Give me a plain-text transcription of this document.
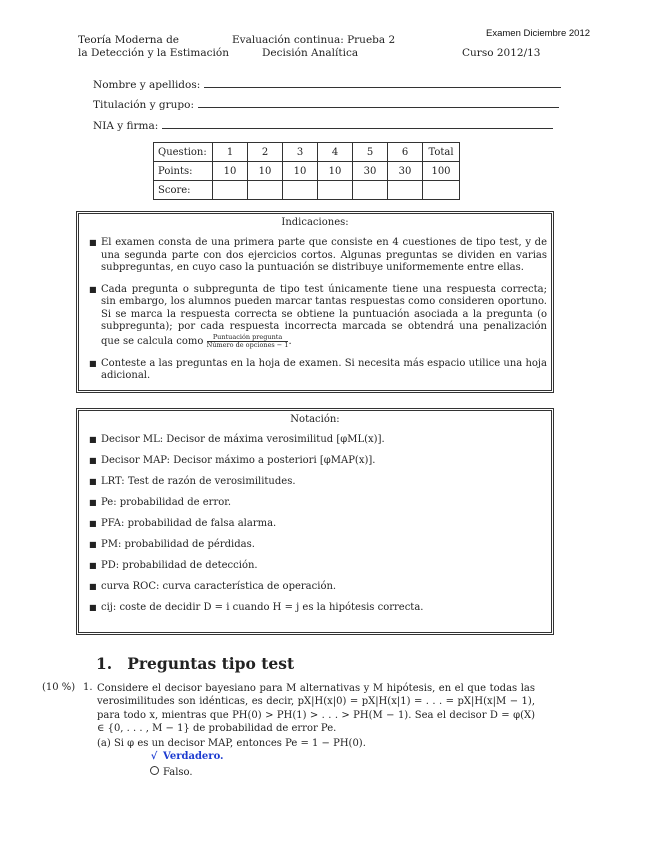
Examen Diciembre 2012
Teoría Moderna de
la Detección y la Estimación
Evaluación continua: Prueba 2
Decisión Analítica	Curso 2012/13
Nombre y apellidos:
Titulación y grupo:
NIA y firma:
Question:	1	2	3	4	5	6	Total
Points:	10	10	10	10	30	30	100
Score:							
Indicaciones:
■ El examen consta de una primera parte que consiste en 4 cuestiones de tipo test, y de una segunda parte con dos ejercicios cortos. Algunas preguntas se dividen en varias subpreguntas, en cuyo caso la puntuación se distribuye uniformemente entre ellas.
■ Cada pregunta o subpregunta de tipo test únicamente tiene una respuesta correcta; sin embargo, los alumnos pueden marcar tantas respuestas como consideren oportuno. Si se marca la respuesta correcta se obtiene la puntuación asociada a la pregunta (o subpregunta); por cada respuesta incorrecta marcada se obtendrá una penalización que se calcula como $\frac{\text{Puntuación pregunta}}{\text{Número de opciones − 1}}$ .
■ Conteste a las preguntas en la hoja de examen. Si necesita más espacio utilice una hoja adicional.
Notación:
■ Decisor ML: Decisor de máxima verosimilitud [φML(x)].
■ Decisor MAP: Decisor máximo a posteriori [φMAP(x)].
■ LRT: Test de razón de verosimilitudes.
■ Pe: probabilidad de error.
■ PFA: probabilidad de falsa alarma.
■ PM: probabilidad de pérdidas.
■ PD: probabilidad de detección.
■ curva ROC: curva característica de operación.
■ cij: coste de decidir D = i cuando H = j es la hipótesis correcta.
1. Preguntas tipo test
(10 %) 1. Considere el decisor bayesiano para M alternativas y M hipótesis, en el que todas las verosimilitudes son idénticas, es decir, pX|H(x|0) = pX|H(x|1) = . . . = pX|H(x|M − 1), para todo x, mientras que PH(0) > PH(1) > . . . > PH(M − 1). Sea el decisor D = φ(X) ∈ {0, . . . , M − 1} de probabilidad de error Pe.
(a) Si φ es un decisor MAP, entonces Pe = 1 − PH(0).
√ Verdadero.
Falso.
